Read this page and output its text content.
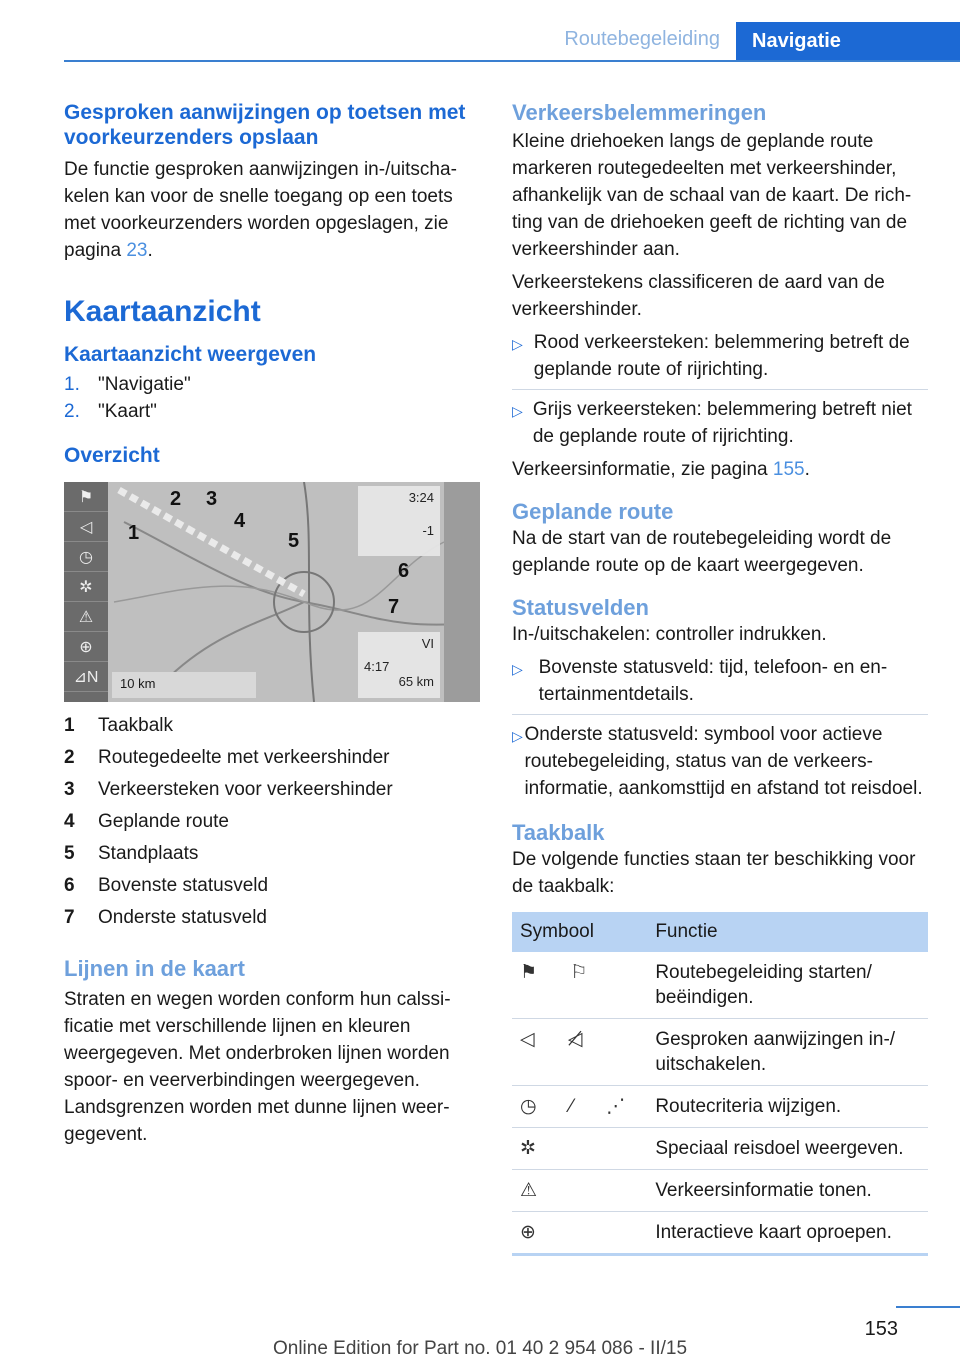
Routebegeleiding	Navigatie
Gesproken aanwijzingen op toetsen met voorkeurzenders opslaan

De functie gesproken aanwijzingen in-/uitschakelen kan voor de snelle toegang op een toets met voorkeurzenders worden opgeslagen, zie pagina 23.

Kaartaanzicht
Kaartaanzicht weergeven
1. "Navigatie"
2. "Kaart"
Overzicht
⚑
◁
◷
✲
⚠
⊕
⊿N
3:24
-1
VI
4:17
65 km
10 km
1
2 3
4
5
6
7
1	Taakbalk
2	Routegedeelte met verkeershinder
3	Verkeersteken voor verkeershinder
4	Geplande route
5	Standplaats
6	Bovenste statusveld
7	Onderste statusveld
Lijnen in de kaart

Straten en wegen worden conform hun calssificatie met verschillende lijnen en kleuren weergegeven. Met onderbroken lijnen worden spoor- en veerverbindingen weergegeven. Landsgrenzen worden met dunne lijnen weergegevent.

Verkeersbelemmeringen

Kleine driehoeken langs de geplande route markeren routegedeelten met verkeershinder, afhankelijk van de schaal van de kaart. De richting van de driehoeken geeft de richting van de verkeershinder aan.

Verkeerstekens classificeren de aard van de verkeershinder.

▷ Rood verkeersteken: belemmering betreft de geplande route of rijrichting.
▷ Grijs verkeersteken: belemmering betreft niet de geplande route of rijrichting.

Verkeersinformatie, zie pagina 155.

Geplande route

Na de start van de routebegeleiding wordt de geplande route op de kaart weergegeven.

Statusvelden

In-/uitschakelen: controller indrukken.

▷ Bovenste statusveld: tijd, telefoon- en entertainmentdetails.
▷ Onderste statusveld: symbool voor actieve routebegeleiding, status van de verkeersinformatie, aankomsttijd en afstand tot reisdoel.
Taakbalk

De volgende functies staan ter beschikking voor de taakbalk:

Symbool	Functie
⚑ ⚐	Routebegeleiding starten/ beëindigen.
◁ ◁̸	Gesproken aanwijzingen in-/ uitschakelen.
◷ ⁄ ⋰	Routecriteria wijzigen.
✲	Speciaal reisdoel weergeven.
⚠	Verkeersinformatie tonen.
⊕	Interactieve kaart oproepen.
153
Online Edition for Part no. 01 40 2 954 086 - II/15
